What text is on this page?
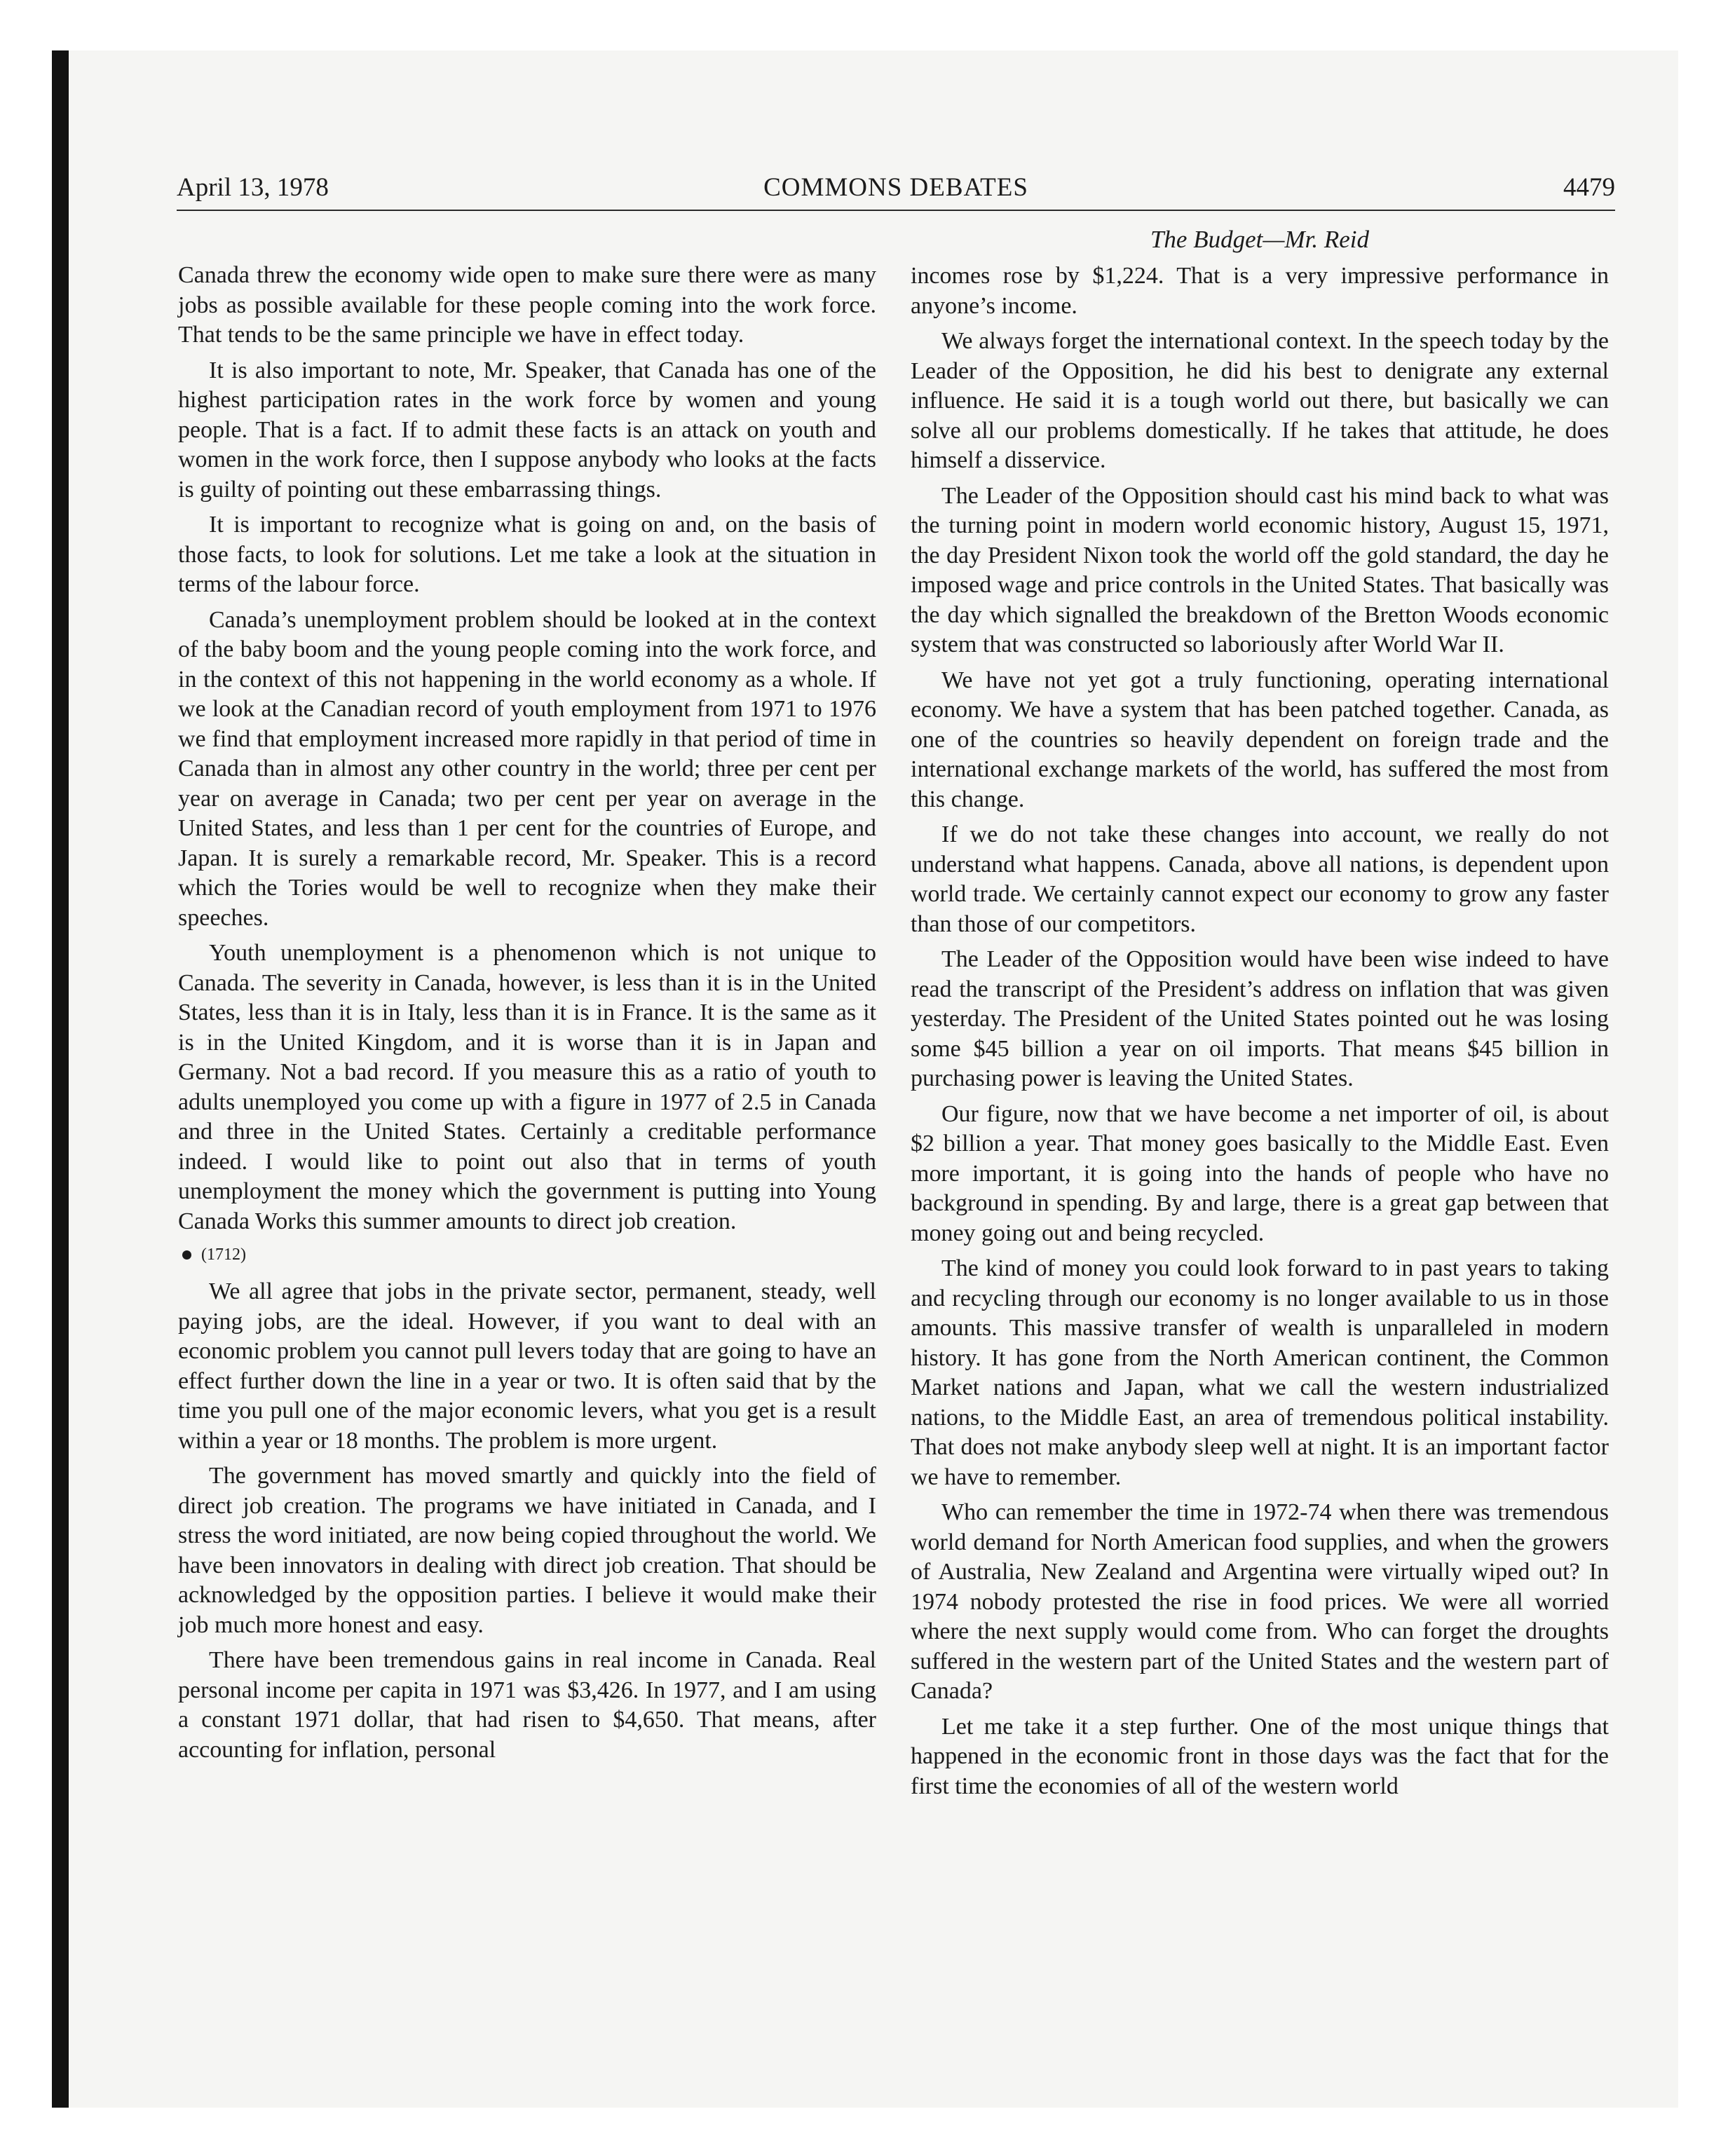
April 13, 1978	COMMONS DEBATES	4479

Canada threw the economy wide open to make sure there were as many jobs as possible available for these people coming into the work force. That tends to be the same principle we have in effect today.

It is also important to note, Mr. Speaker, that Canada has one of the highest participation rates in the work force by women and young people. That is a fact. If to admit these facts is an attack on youth and women in the work force, then I suppose anybody who looks at the facts is guilty of pointing out these embarrassing things.

It is important to recognize what is going on and, on the basis of those facts, to look for solutions. Let me take a look at the situation in terms of the labour force.

Canada’s unemployment problem should be looked at in the context of the baby boom and the young people coming into the work force, and in the context of this not happening in the world economy as a whole. If we look at the Canadian record of youth employment from 1971 to 1976 we find that employment increased more rapidly in that period of time in Canada than in almost any other country in the world; three per cent per year on average in Canada; two per cent per year on average in the United States, and less than 1 per cent for the countries of Europe, and Japan. It is surely a remarkable record, Mr. Speaker. This is a record which the Tories would be well to recognize when they make their speeches.

Youth unemployment is a phenomenon which is not unique to Canada. The severity in Canada, however, is less than it is in the United States, less than it is in Italy, less than it is in France. It is the same as it is in the United Kingdom, and it is worse than it is in Japan and Germany. Not a bad record. If you measure this as a ratio of youth to adults unemployed you come up with a figure in 1977 of 2.5 in Canada and three in the United States. Certainly a creditable performance indeed. I would like to point out also that in terms of youth unemployment the money which the government is putting into Young Canada Works this summer amounts to direct job creation.

(1712)

We all agree that jobs in the private sector, permanent, steady, well paying jobs, are the ideal. However, if you want to deal with an economic problem you cannot pull levers today that are going to have an effect further down the line in a year or two. It is often said that by the time you pull one of the major economic levers, what you get is a result within a year or 18 months. The problem is more urgent.

The government has moved smartly and quickly into the field of direct job creation. The programs we have initiated in Canada, and I stress the word initiated, are now being copied throughout the world. We have been innovators in dealing with direct job creation. That should be acknowledged by the opposition parties. I believe it would make their job much more honest and easy.

There have been tremendous gains in real income in Canada. Real personal income per capita in 1971 was $3,426. In 1977, and I am using a constant 1971 dollar, that had risen to $4,650. That means, after accounting for inflation, personal

The Budget—Mr. Reid

incomes rose by $1,224. That is a very impressive performance in anyone’s income.

We always forget the international context. In the speech today by the Leader of the Opposition, he did his best to denigrate any external influence. He said it is a tough world out there, but basically we can solve all our problems domestically. If he takes that attitude, he does himself a disservice.

The Leader of the Opposition should cast his mind back to what was the turning point in modern world economic history, August 15, 1971, the day President Nixon took the world off the gold standard, the day he imposed wage and price controls in the United States. That basically was the day which signalled the breakdown of the Bretton Woods economic system that was constructed so laboriously after World War II.

We have not yet got a truly functioning, operating international economy. We have a system that has been patched together. Canada, as one of the countries so heavily dependent on foreign trade and the international exchange markets of the world, has suffered the most from this change.

If we do not take these changes into account, we really do not understand what happens. Canada, above all nations, is dependent upon world trade. We certainly cannot expect our economy to grow any faster than those of our competitors.

The Leader of the Opposition would have been wise indeed to have read the transcript of the President’s address on inflation that was given yesterday. The President of the United States pointed out he was losing some $45 billion a year on oil imports. That means $45 billion in purchasing power is leaving the United States.

Our figure, now that we have become a net importer of oil, is about $2 billion a year. That money goes basically to the Middle East. Even more important, it is going into the hands of people who have no background in spending. By and large, there is a great gap between that money going out and being recycled.

The kind of money you could look forward to in past years to taking and recycling through our economy is no longer available to us in those amounts. This massive transfer of wealth is unparalleled in modern history. It has gone from the North American continent, the Common Market nations and Japan, what we call the western industrialized nations, to the Middle East, an area of tremendous political instability. That does not make anybody sleep well at night. It is an important factor we have to remember.

Who can remember the time in 1972-74 when there was tremendous world demand for North American food supplies, and when the growers of Australia, New Zealand and Argentina were virtually wiped out? In 1974 nobody protested the rise in food prices. We were all worried where the next supply would come from. Who can forget the droughts suffered in the western part of the United States and the western part of Canada?

Let me take it a step further. One of the most unique things that happened in the economic front in those days was the fact that for the first time the economies of all of the western world
